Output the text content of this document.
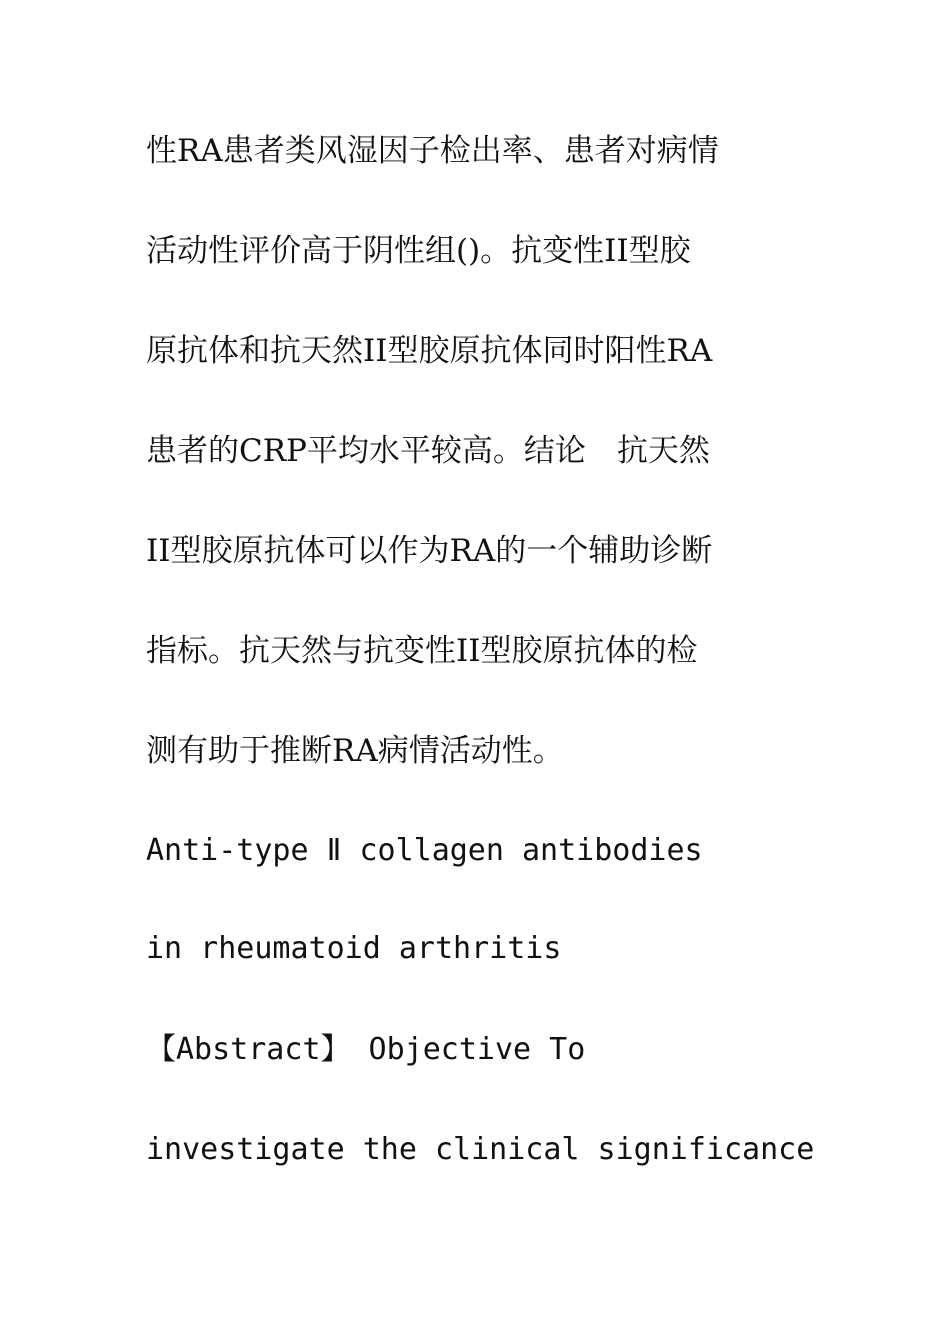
性RA患者类风湿因子检出率、患者对病情
活动性评价高于阴性组()。抗变性II型胶
原抗体和抗天然II型胶原抗体同时阳性RA
患者的CRP平均水平较高。结论　抗天然
II型胶原抗体可以作为RA的一个辅助诊断
指标。抗天然与抗变性II型胶原抗体的检
测有助于推断RA病情活动性。
Anti-type Ⅱ collagen antibodies
in rheumatoid arthritis
【Abstract】 Objective To
investigate the clinical significance
